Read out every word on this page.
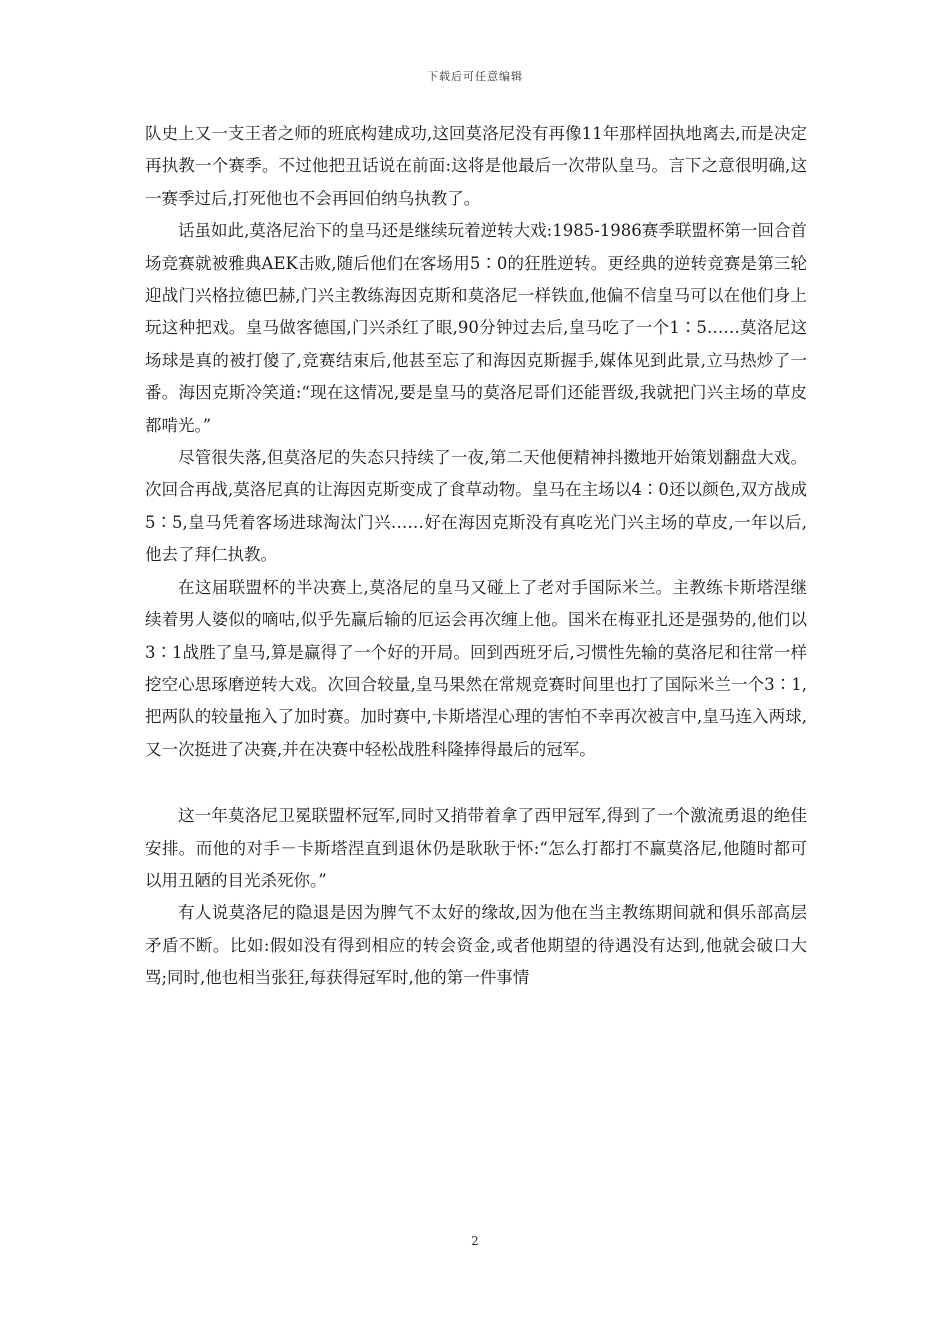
下载后可任意编辑

队史上又一支王者之师的班底构建成功,这回莫洛尼没有再像11年那样固执地离去,而是决定再执教一个赛季。不过他把丑话说在前面:这将是他最后一次带队皇马。言下之意很明确,这一赛季过后,打死他也不会再回伯纳乌执教了。

话虽如此,莫洛尼治下的皇马还是继续玩着逆转大戏:1985-1986赛季联盟杯第一回合首场竞赛就被雅典AEK击败,随后他们在客场用5∶0的狂胜逆转。更经典的逆转竞赛是第三轮迎战门兴格拉德巴赫,门兴主教练海因克斯和莫洛尼一样铁血,他偏不信皇马可以在他们身上玩这种把戏。皇马做客德国,门兴杀红了眼,90分钟过去后,皇马吃了一个1∶5……莫洛尼这场球是真的被打傻了,竞赛结束后,他甚至忘了和海因克斯握手,媒体见到此景,立马热炒了一番。海因克斯冷笑道:“现在这情况,要是皇马的莫洛尼哥们还能晋级,我就把门兴主场的草皮都啃光。”

尽管很失落,但莫洛尼的失态只持续了一夜,第二天他便精神抖擞地开始策划翻盘大戏。次回合再战,莫洛尼真的让海因克斯变成了食草动物。皇马在主场以4∶0还以颜色,双方战成5∶5,皇马凭着客场进球淘汰门兴……好在海因克斯没有真吃光门兴主场的草皮,一年以后,他去了拜仁执教。

在这届联盟杯的半决赛上,莫洛尼的皇马又碰上了老对手国际米兰。主教练卡斯塔涅继续着男人婆似的嘀咕,似乎先赢后输的厄运会再次缠上他。国米在梅亚扎还是强势的,他们以3∶1战胜了皇马,算是赢得了一个好的开局。回到西班牙后,习惯性先输的莫洛尼和往常一样挖空心思琢磨逆转大戏。次回合较量,皇马果然在常规竞赛时间里也打了国际米兰一个3∶1,把两队的较量拖入了加时赛。加时赛中,卡斯塔涅心理的害怕不幸再次被言中,皇马连入两球,又一次挺进了决赛,并在决赛中轻松战胜科隆捧得最后的冠军。

这一年莫洛尼卫冕联盟杯冠军,同时又捎带着拿了西甲冠军,得到了一个激流勇退的绝佳安排。而他的对手－卡斯塔涅直到退休仍是耿耿于怀:“怎么打都打不赢莫洛尼,他随时都可以用丑陋的目光杀死你。”

有人说莫洛尼的隐退是因为脾气不太好的缘故,因为他在当主教练期间就和俱乐部高层矛盾不断。比如:假如没有得到相应的转会资金,或者他期望的待遇没有达到,他就会破口大骂;同时,他也相当张狂,每获得冠军时,他的第一件事情

2
